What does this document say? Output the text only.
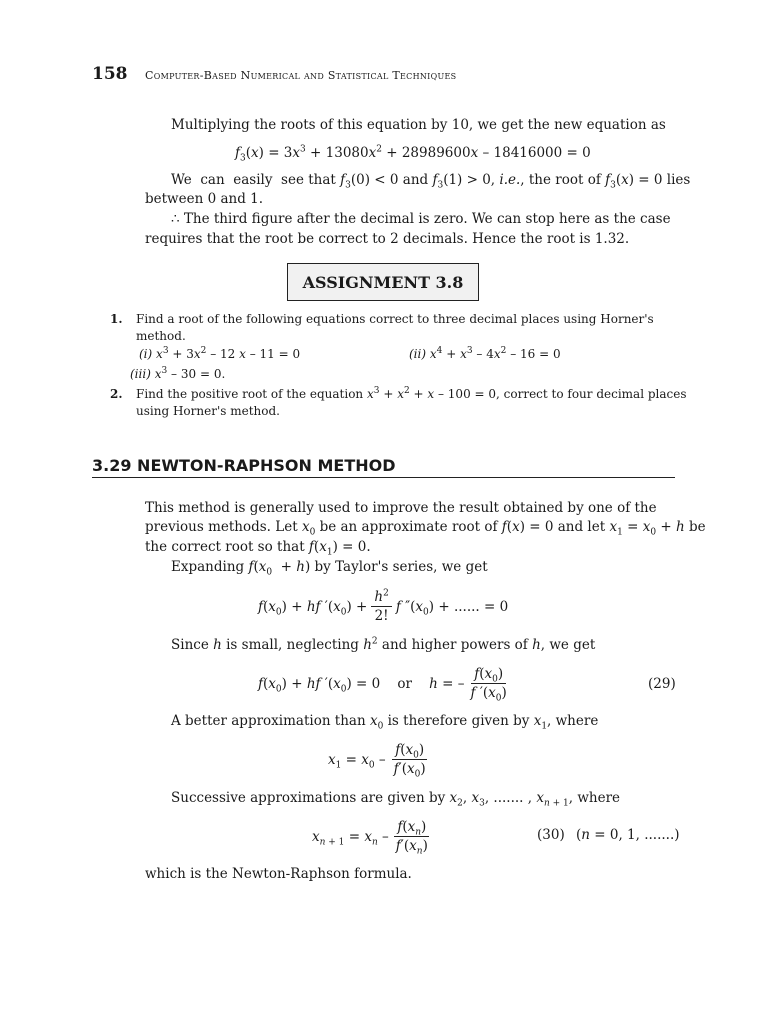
158 Computer-Based Numerical and Statistical Techniques
Multiplying the roots of this equation by 10, we get the new equation as
$f_3(x) = 3x^3 + 13080x^2 + 28989600x - 18416000 = 0$
We  can  easily  see that $f_3(0) < 0$ and $f_3(1) > 0$, i.e., the root of $f_3(x) = 0$ lies
between 0 and 1.
∴ The third figure after the decimal is zero. We can stop here as the case
requires that the root be correct to 2 decimals. Hence the root is 1.32.
ASSIGNMENT 3.8
1. Find a root of the following equations correct to three decimal places using Horner's
method.
(i) $x^3 + 3x^2 - 12$ x – 11 = 0	(ii) $x^4 + x^3 - 4x^2 - 16 = 0$
(iii) $x^3 - 30 = 0$.
2. Find the positive root of the equation $x^3 + x^2 + x - 100 = 0$, correct to four decimal places
using Horner's method.
3.29 NEWTON-RAPHSON METHOD
This method is generally used to improve the result obtained by one of the
previous methods. Let $x_0$ be an approximate root of f(x) = 0 and let $x_1 = x_0 + h$ be
the correct root so that $f(x_1) = 0$.
Expanding $f(x_0 + h)$ by Taylor's series, we get
$f(x_0)$ + hf $'(x_0) + \frac{h^2}{2!}$ f $''(x_0)$ + ...... = 0
Since h is small, neglecting $h^2$ and higher powers of h, we get
$f(x_0)$ + hf $'(x_0) = 0$    or    h = – $\frac{f(x_0)}{f '(x_0)}$	(29)
A better approximation than $x_0$ is therefore given by $x_1$, where
$x_1 = x_0 - \frac{f(x_0)}{f'(x_0)}$
Successive approximations are given by $x_2$, $x_3$, ....... , $x_{n + 1}$, where
$x_{n + 1} = x_n - \frac{f(x_n)}{f'(x_n)}$	(30) (n = 0, 1, .......)
which is the Newton-Raphson formula.
